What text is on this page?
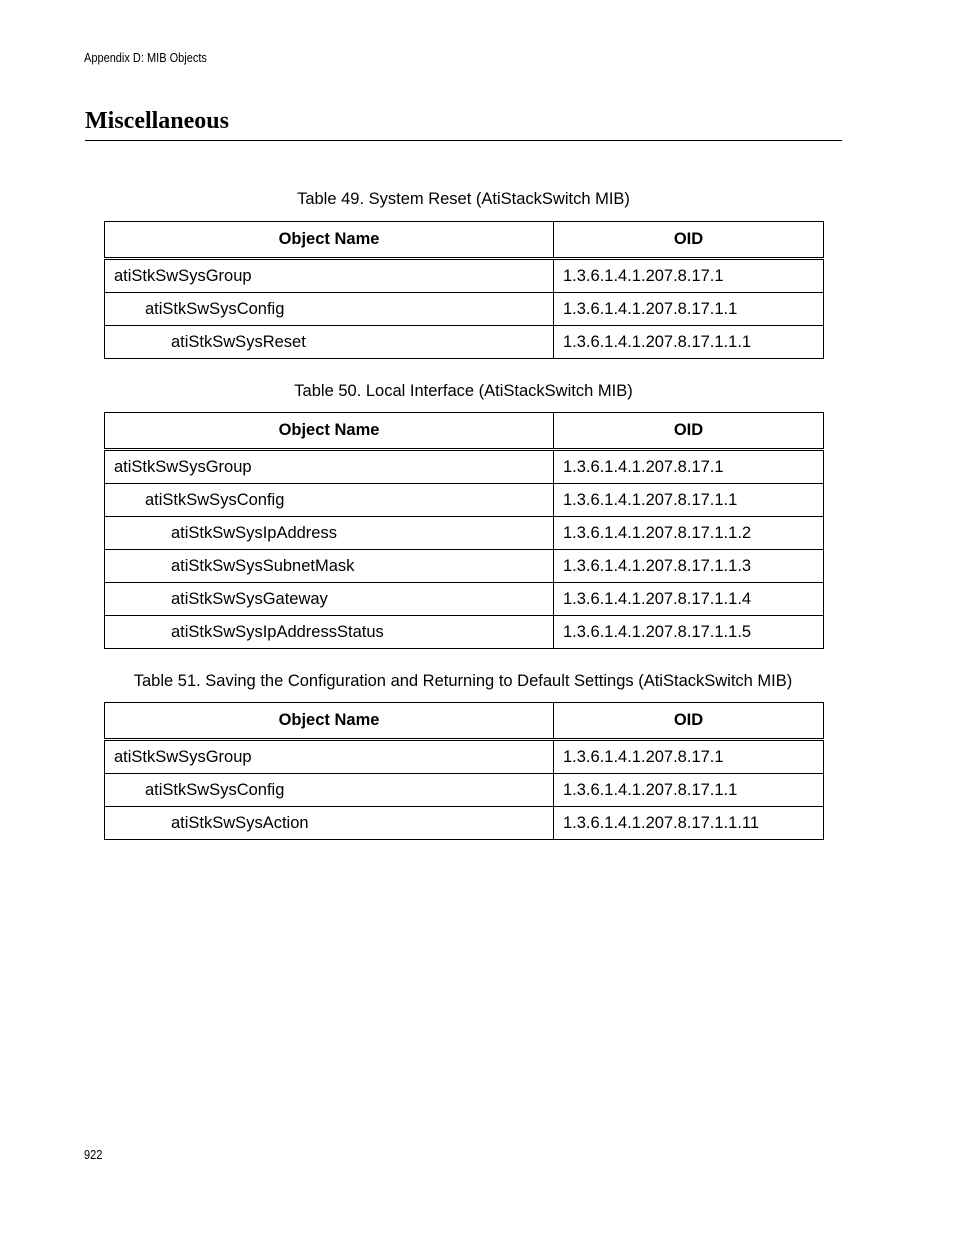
Appendix D: MIB Objects
Miscellaneous
Table 49. System Reset (AtiStackSwitch MIB)
Object Name	OID
atiStkSwSysGroup	1.3.6.1.4.1.207.8.17.1
atiStkSwSysConfig	1.3.6.1.4.1.207.8.17.1.1
atiStkSwSysReset	1.3.6.1.4.1.207.8.17.1.1.1
Table 50. Local Interface (AtiStackSwitch MIB)
Object Name	OID
atiStkSwSysGroup	1.3.6.1.4.1.207.8.17.1
atiStkSwSysConfig	1.3.6.1.4.1.207.8.17.1.1
atiStkSwSysIpAddress	1.3.6.1.4.1.207.8.17.1.1.2
atiStkSwSysSubnetMask	1.3.6.1.4.1.207.8.17.1.1.3
atiStkSwSysGateway	1.3.6.1.4.1.207.8.17.1.1.4
atiStkSwSysIpAddressStatus	1.3.6.1.4.1.207.8.17.1.1.5
Table 51. Saving the Configuration and Returning to Default Settings (AtiStackSwitch MIB)
Object Name	OID
atiStkSwSysGroup	1.3.6.1.4.1.207.8.17.1
atiStkSwSysConfig	1.3.6.1.4.1.207.8.17.1.1
atiStkSwSysAction	1.3.6.1.4.1.207.8.17.1.1.11
922
